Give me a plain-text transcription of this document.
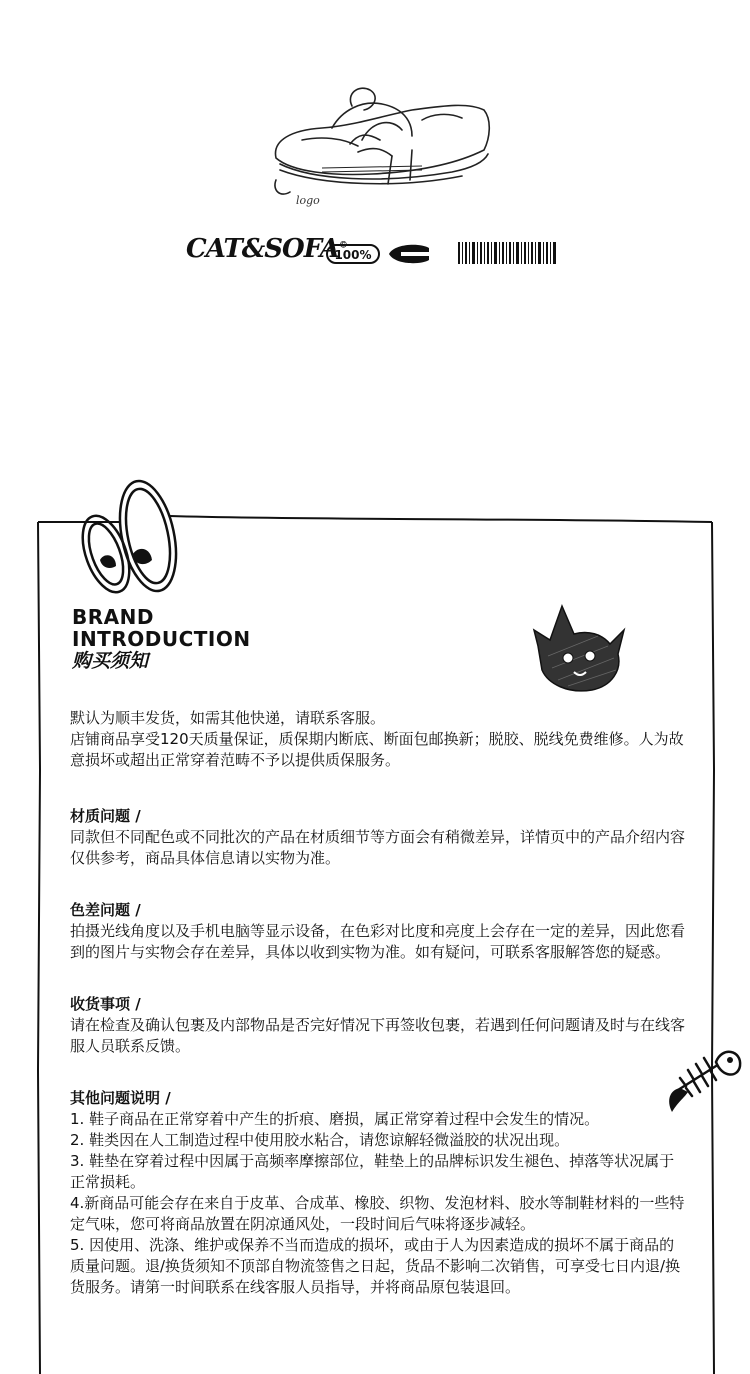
logo
CAT&SOFA©
100%
BRAND
INTRODUCTION
购买须知

默认为顺丰发货，如需其他快递，请联系客服。

店铺商品享受120天质量保证，质保期内断底、断面包邮换新；脱胶、脱线免费维修。人为故意损坏或超出正常穿着范畴不予以提供质保服务。

材质问题 /

同款但不同配色或不同批次的产品在材质细节等方面会有稍微差异，详情页中的产品介绍内容仅供参考，商品具体信息请以实物为准。

色差问题 /

拍摄光线角度以及手机电脑等显示设备，在色彩对比度和亮度上会存在一定的差异，因此您看到的图片与实物会存在差异，具体以收到实物为准。如有疑问，可联系客服解答您的疑惑。

收货事项 /

请在检查及确认包裹及内部物品是否完好情况下再签收包裹，若遇到任何问题请及时与在线客服人员联系反馈。

其他问题说明 /

1. 鞋子商品在正常穿着中产生的折痕、磨损，属正常穿着过程中会发生的情况。

2. 鞋类因在人工制造过程中使用胶水粘合，请您谅解轻微溢胶的状况出现。

3. 鞋垫在穿着过程中因属于高频率摩擦部位，鞋垫上的品牌标识发生褪色、掉落等状况属于正常损耗。

4.新商品可能会存在来自于皮革、合成革、橡胶、织物、发泡材料、胶水等制鞋材料的一些特定气味，您可将商品放置在阴凉通风处，一段时间后气味将逐步减轻。

5. 因使用、洗涤、维护或保养不当而造成的损坏，或由于人为因素造成的损坏不属于商品的质量问题。退/换货须知不顶部自物流签售之日起，货品不影响二次销售，可享受七日内退/换货服务。请第一时间联系在线客服人员指导，并将商品原包装退回。
